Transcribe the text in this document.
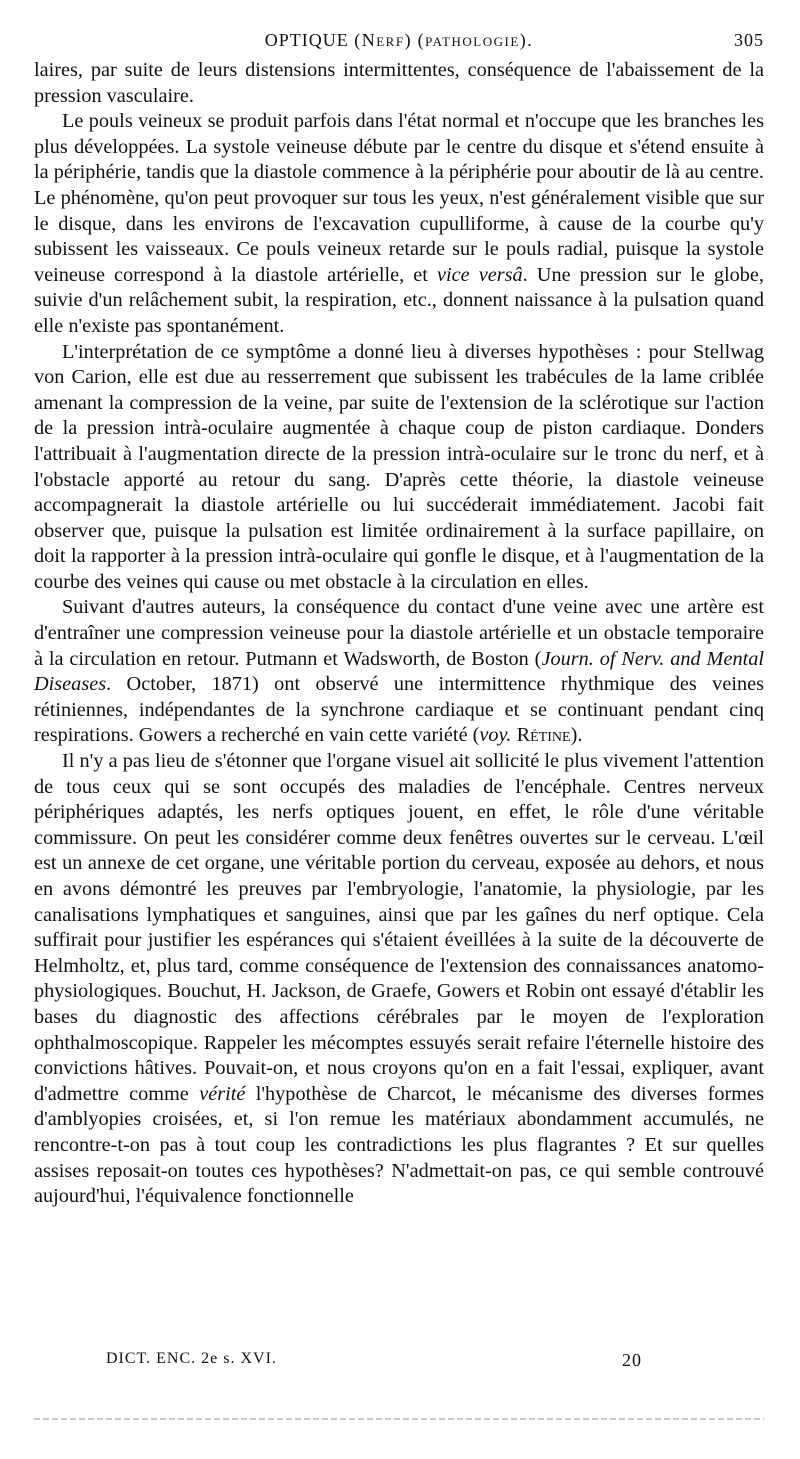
OPTIQUE (Nerf) (pathologie).	305

laires, par suite de leurs distensions intermittentes, conséquence de l'abaissement de la pression vasculaire.

Le pouls veineux se produit parfois dans l'état normal et n'occupe que les branches les plus développées. La systole veineuse débute par le centre du disque et s'étend ensuite à la périphérie, tandis que la diastole commence à la périphérie pour aboutir de là au centre. Le phénomène, qu'on peut provoquer sur tous les yeux, n'est généralement visible que sur le disque, dans les environs de l'excavation cupulliforme, à cause de la courbe qu'y subissent les vaisseaux. Ce pouls veineux retarde sur le pouls radial, puisque la systole veineuse correspond à la diastole artérielle, et vice versâ. Une pression sur le globe, suivie d'un relâchement subit, la respiration, etc., donnent naissance à la pulsation quand elle n'existe pas spontanément.

L'interprétation de ce symptôme a donné lieu à diverses hypothèses : pour Stellwag von Carion, elle est due au resserrement que subissent les trabécules de la lame criblée amenant la compression de la veine, par suite de l'extension de la sclérotique sur l'action de la pression intrà-oculaire augmentée à chaque coup de piston cardiaque. Donders l'attribuait à l'augmentation directe de la pression intrà-oculaire sur le tronc du nerf, et à l'obstacle apporté au retour du sang. D'après cette théorie, la diastole veineuse accompagnerait la diastole artérielle ou lui succéderait immédiatement. Jacobi fait observer que, puisque la pulsation est limitée ordinairement à la surface papillaire, on doit la rapporter à la pression intrà-oculaire qui gonfle le disque, et à l'augmentation de la courbe des veines qui cause ou met obstacle à la circulation en elles.

Suivant d'autres auteurs, la conséquence du contact d'une veine avec une artère est d'entraîner une compression veineuse pour la diastole artérielle et un obstacle temporaire à la circulation en retour. Putmann et Wadsworth, de Boston (Journ. of Nerv. and Mental Diseases. October, 1871) ont observé une intermittence rhythmique des veines rétiniennes, indépendantes de la synchrone cardiaque et se continuant pendant cinq respirations. Gowers a recherché en vain cette variété (voy. Rétine).

Il n'y a pas lieu de s'étonner que l'organe visuel ait sollicité le plus vivement l'attention de tous ceux qui se sont occupés des maladies de l'encéphale. Centres nerveux périphériques adaptés, les nerfs optiques jouent, en effet, le rôle d'une véritable commissure. On peut les considérer comme deux fenêtres ouvertes sur le cerveau. L'œil est un annexe de cet organe, une véritable portion du cerveau, exposée au dehors, et nous en avons démontré les preuves par l'embryologie, l'anatomie, la physiologie, par les canalisations lymphatiques et sanguines, ainsi que par les gaînes du nerf optique. Cela suffirait pour justifier les espérances qui s'étaient éveillées à la suite de la découverte de Helmholtz, et, plus tard, comme conséquence de l'extension des connaissances anatomo-physiologiques. Bouchut, H. Jackson, de Graefe, Gowers et Robin ont essayé d'établir les bases du diagnostic des affections cérébrales par le moyen de l'exploration ophthalmoscopique. Rappeler les mécomptes essuyés serait refaire l'éternelle histoire des convictions hâtives. Pouvait-on, et nous croyons qu'on en a fait l'essai, expliquer, avant d'admettre comme vérité l'hypothèse de Charcot, le mécanisme des diverses formes d'amblyopies croisées, et, si l'on remue les matériaux abondamment accumulés, ne rencontre-t-on pas à tout coup les contradictions les plus flagrantes ? Et sur quelles assises reposait-on toutes ces hypothèses? N'admettait-on pas, ce qui semble controuvé aujourd'hui, l'équivalence fonctionnelle

DICT. ENC. 2e s. XVI.	20
